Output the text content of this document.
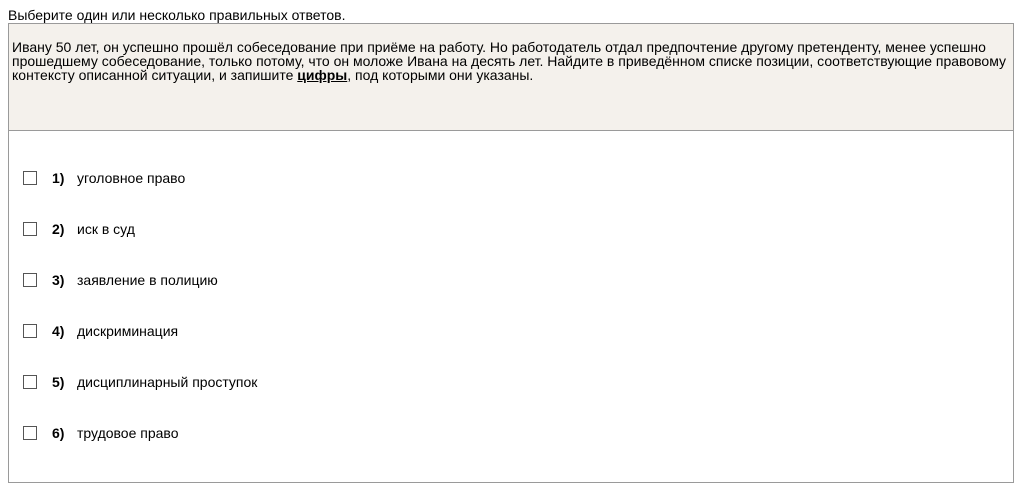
Выберите один или несколько правильных ответов.
Ивану 50 лет, он успешно прошёл собеседование при приёме на работу. Но работодатель отдал предпочтение другому претенденту, менее успешно прошедшему собеседование, только потому, что он моложе Ивана на десять лет. Найдите в приведённом списке позиции, соответствующие правовому контексту описанной ситуации, и запишите цифры, под которыми они указаны.
1) уголовное право
2) иск в суд
3) заявление в полицию
4) дискриминация
5) дисциплинарный проступок
6) трудовое право
